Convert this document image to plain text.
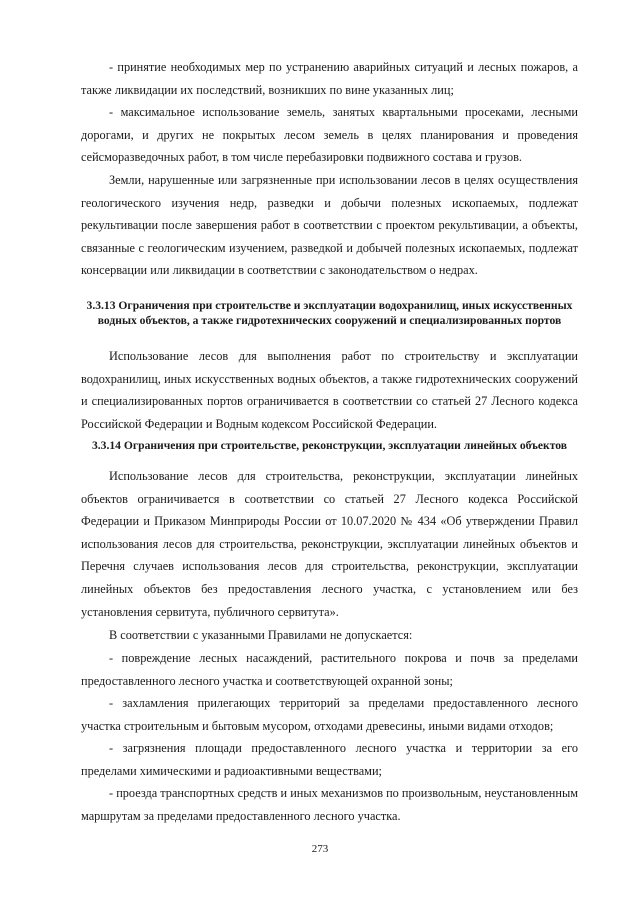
- принятие необходимых мер по устранению аварийных ситуаций и лесных пожаров, а также ликвидации их последствий, возникших по вине указанных лиц;

- максимальное использование земель, занятых квартальными просеками, лесными дорогами, и других не покрытых лесом земель в целях планирования и проведения сейсморазведочных работ, в том числе перебазировки подвижного состава и грузов.

Земли, нарушенные или загрязненные при использовании лесов в целях осуществления геологического изучения недр, разведки и добычи полезных ископаемых, подлежат рекультивации после завершения работ в соответствии с проектом рекультивации, а объекты, связанные с геологическим изучением, разведкой и добычей полезных ископаемых, подлежат консервации или ликвидации в соответствии с законодательством о недрах.

3.3.13 Ограничения при строительстве и эксплуатации водохранилищ, иных искусственных водных объектов, а также гидротехнических сооружений и специализированных портов

Использование лесов для выполнения работ по строительству и эксплуатации водохранилищ, иных искусственных водных объектов, а также гидротехнических сооружений и специализированных портов ограничивается в соответствии со статьей 27 Лесного кодекса Российской Федерации и Водным кодексом Российской Федерации.

3.3.14 Ограничения при строительстве, реконструкции, эксплуатации линейных объектов

Использование лесов для строительства, реконструкции, эксплуатации линейных объектов ограничивается в соответствии со статьей 27 Лесного кодекса Российской Федерации и Приказом Минприроды России от 10.07.2020 № 434 «Об утверждении Правил использования лесов для строительства, реконструкции, эксплуатации линейных объектов и Перечня случаев использования лесов для строительства, реконструкции, эксплуатации линейных объектов без предоставления лесного участка, с установлением или без установления сервитута, публичного сервитута».

В соответствии с указанными Правилами не допускается:

- повреждение лесных насаждений, растительного покрова и почв за пределами предоставленного лесного участка и соответствующей охранной зоны;

- захламления прилегающих территорий за пределами предоставленного лесного участка строительным и бытовым мусором, отходами древесины, иными видами отходов;

- загрязнения площади предоставленного лесного участка и территории за его пределами химическими и радиоактивными веществами;

- проезда транспортных средств и иных механизмов по произвольным, неустановленным маршрутам за пределами предоставленного лесного участка.

273
